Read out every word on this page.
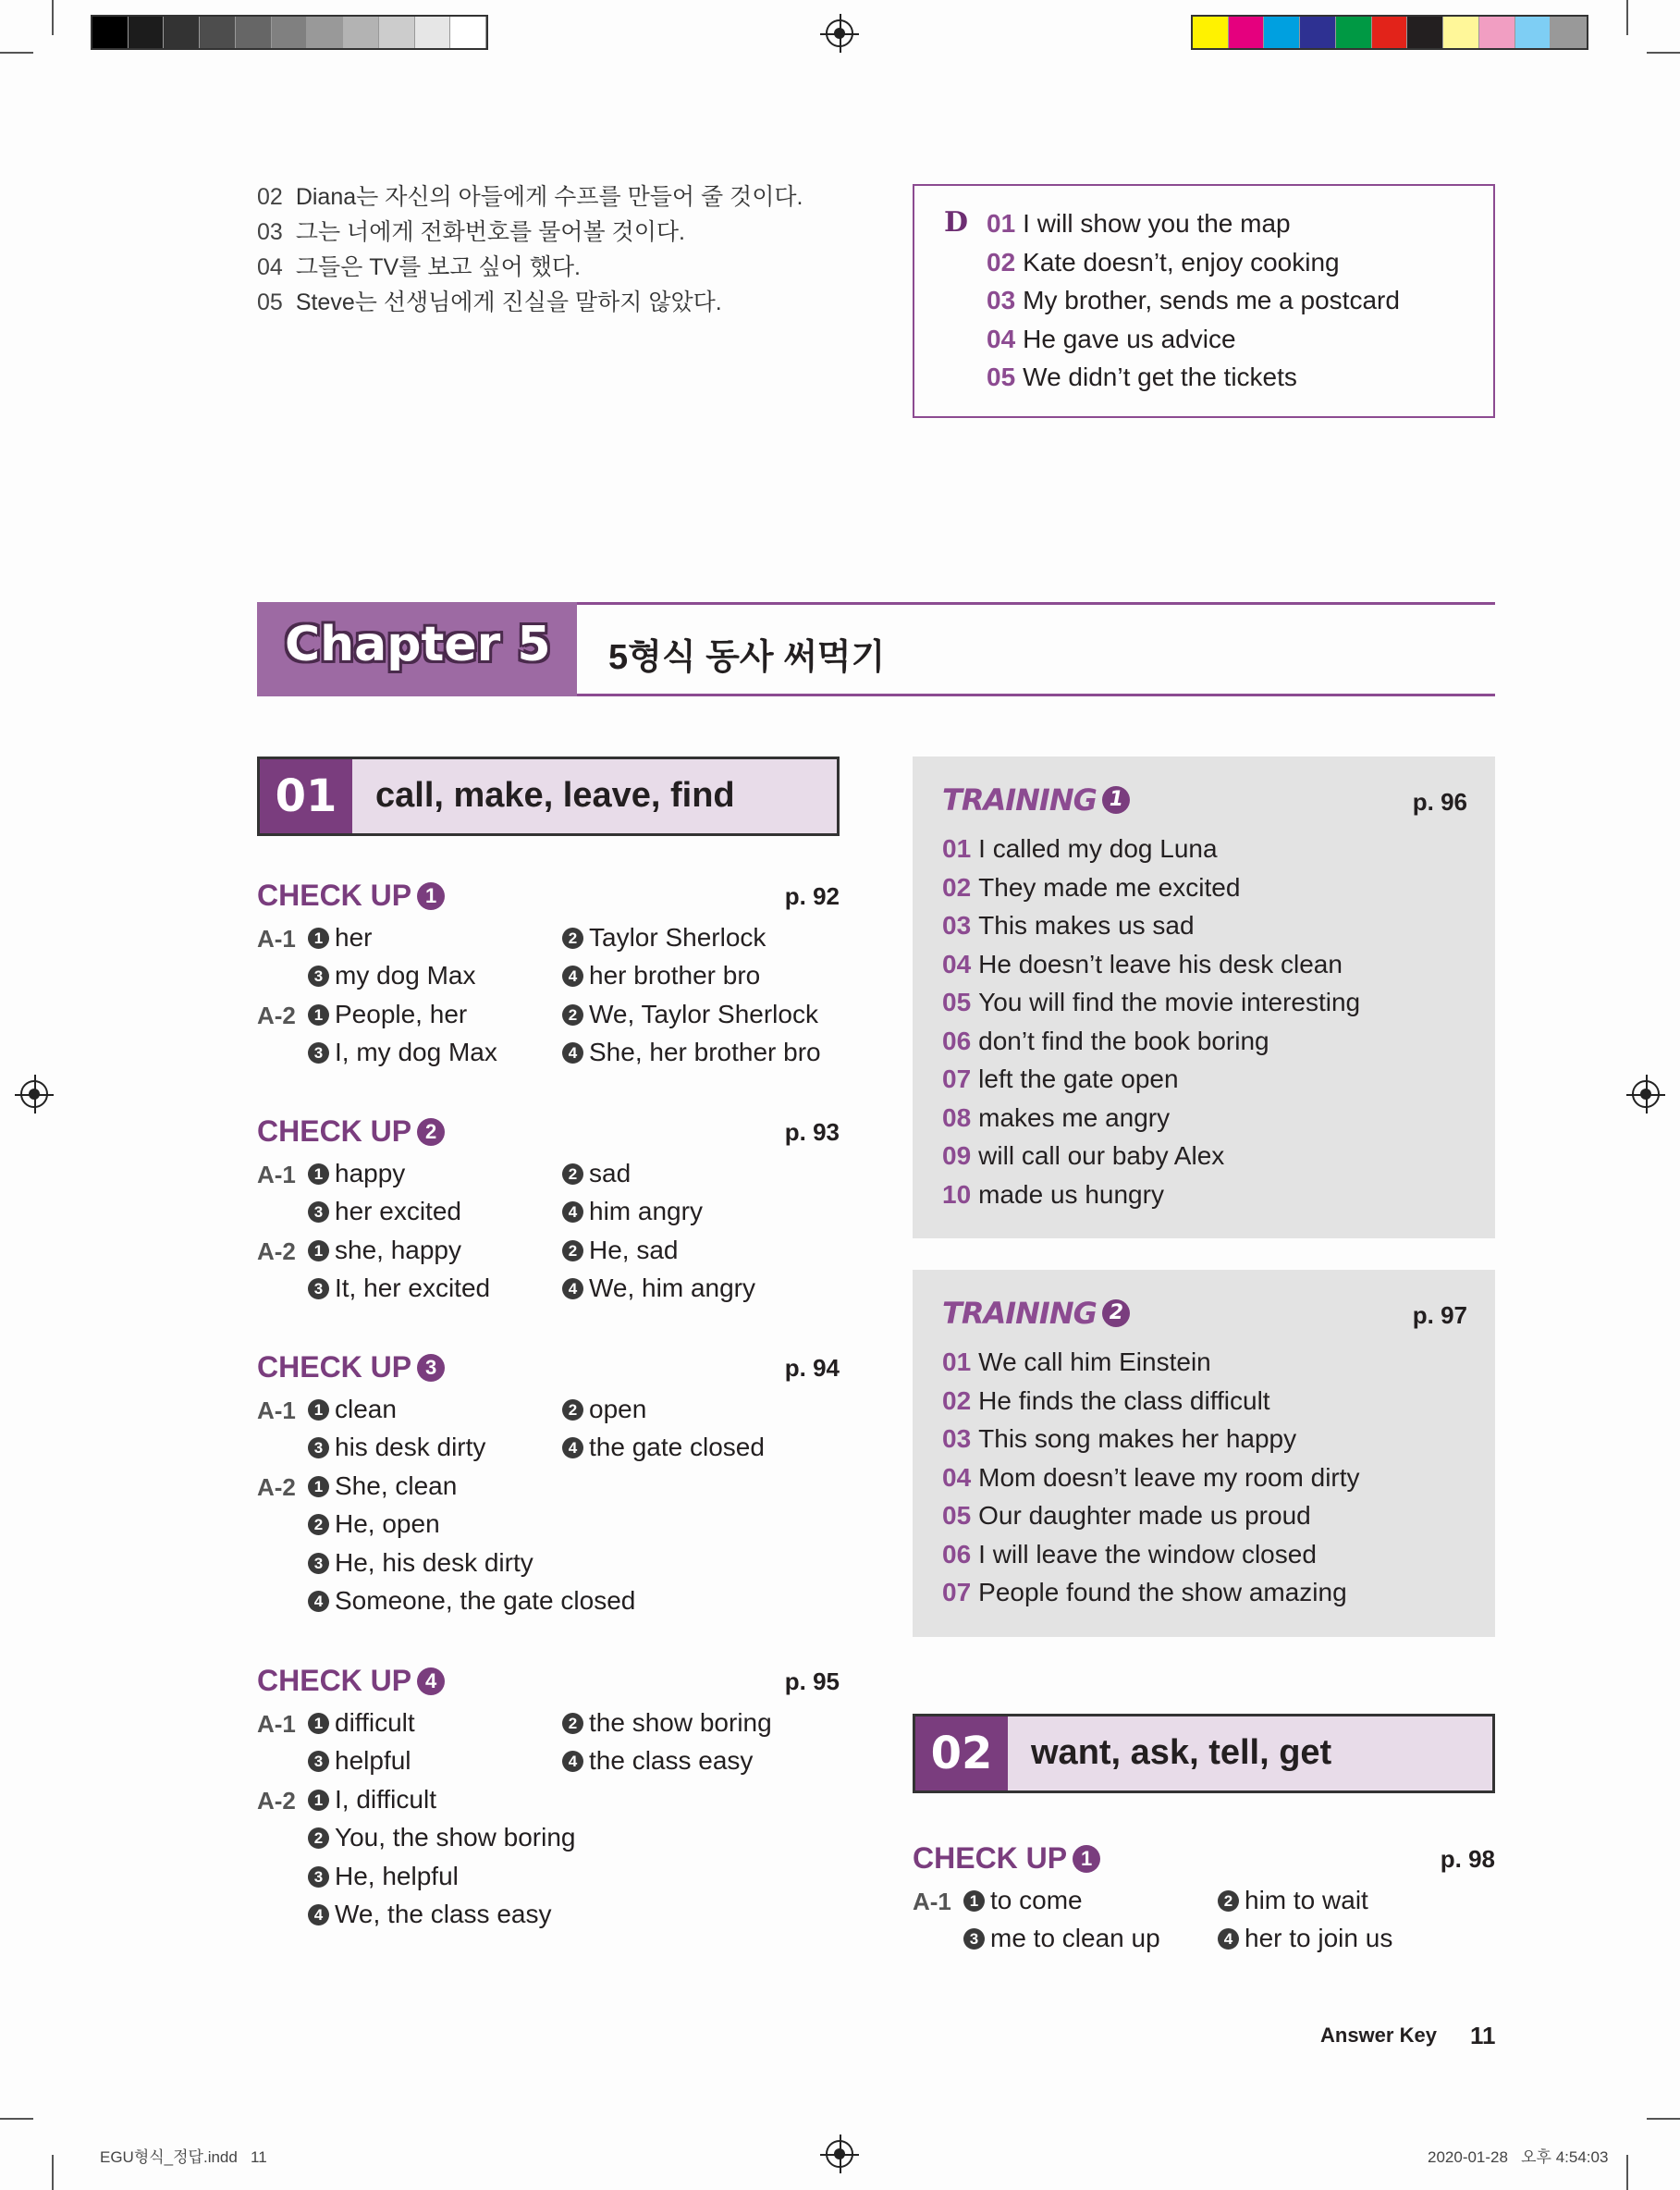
02 Diana는 자신의 아들에게 수프를 만들어 줄 것이다.
03 그는 너에게 전화번호를 물어볼 것이다.
04 그들은 TV를 보고 싶어 했다.
05 Steve는 선생님에게 진실을 말하지 않았다.
D 01 I will show you the map
02 Kate doesn’t, enjoy cooking
03 My brother, sends me a postcard
04 He gave us advice
05 We didn’t get the tickets
Chapter 5 5형식 동사 써먹기
01	call, make, leave, find
CHECK UP 1	p. 92
A-1	1 her	2 Taylor Sherlock
3 my dog Max	4 her brother bro
A-2	1 People, her	2 We, Taylor Sherlock
3 I, my dog Max	4 She, her brother bro
CHECK UP 2	p. 93
A-1	1 happy	2 sad
3 her excited	4 him angry
A-2	1 she, happy	2 He, sad
3 It, her excited	4 We, him angry
CHECK UP 3	p. 94
A-1	1 clean	2 open
3 his desk dirty	4 the gate closed
A-2	1 She, clean
2 He, open
3 He, his desk dirty
4 Someone, the gate closed
CHECK UP 4	p. 95
A-1	1 difficult	2 the show boring
3 helpful	4 the class easy
A-2	1 I, difficult
2 You, the show boring
3 He, helpful
4 We, the class easy
TRAINING 1	p. 96
01 I called my dog Luna
02 They made me excited
03 This makes us sad
04 He doesn’t leave his desk clean
05 You will find the movie interesting
06 don’t find the book boring
07 left the gate open
08 makes me angry
09 will call our baby Alex
10 made us hungry
TRAINING 2	p. 97
01 We call him Einstein
02 He finds the class difficult
03 This song makes her happy
04 Mom doesn’t leave my room dirty
05 Our daughter made us proud
06 I will leave the window closed
07 People found the show amazing
02	want, ask, tell, get
CHECK UP 1	p. 98
A-1	1 to come	2 him to wait
3 me to clean up	4 her to join us
Answer Key 11
EGU형식_정답.indd   11	2020-01-28   오후 4:54:03
